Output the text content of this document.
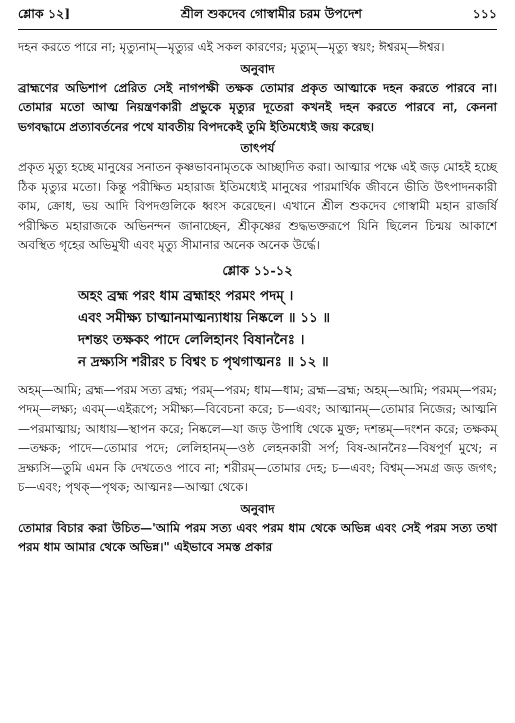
শ্লোক ১২]	শ্রীল শুকদেব গোস্বামীর চরম উপদেশ	১১১

দহন করতে পারে না; মৃত্যুনাম্—মৃত্যুর এই সকল কারণের; মৃত্যুম্—মৃত্যু স্বয়ং; ঈশ্বরম্—ঈশ্বর।

অনুবাদ

ব্রাহ্মণের অভিশাপ প্রেরিত সেই নাগপক্ষী তক্ষক তোমার প্রকৃত আত্মাকে দহন করতে পারবে না। তোমার মতো আত্ম নিয়ন্ত্রণকারী প্রভুকে মৃত্যুর দূতেরা কখনই দহন করতে পারবে না, কেননা ভগবদ্ধামে প্রত্যাবর্তনের পথে যাবতীয় বিপদকেই তুমি ইতিমধ্যেই জয় করেছ।

তাৎপর্য

প্রকৃত মৃত্যু হচ্ছে মানুষের সনাতন কৃষ্ণভাবনামৃতকে আচ্ছাদিত করা। আত্মার পক্ষে এই জড় মোহই হচ্ছে ঠিক মৃত্যুর মতো। কিন্তু পরীক্ষিত মহারাজ ইতিমধ্যেই মানুষের পারমার্থিক জীবনে ভীতি উৎপাদনকারী কাম, ক্রোধ, ভয় আদি বিপদগুলিকে ধ্বংস করেছেন। এখানে শ্রীল শুকদেব গোস্বামী মহান রাজর্ষি পরীক্ষিত মহারাজকে অভিনন্দন জানাচ্ছেন, শ্রীকৃষ্ণের শুদ্ধভক্তরূপে যিনি ছিলেন চিন্ময় আকাশে অবস্থিত গৃহের অভিমুখী এবং মৃত্যু সীমানার অনেক অনেক উর্দ্ধে।

শ্লোক ১১-১২
অহং ব্রহ্ম পরং ধাম ব্রহ্মাহং পরমং পদম্ ।
এবং সমীক্ষ্য চাত্মানমাত্মন্যাধায় নিষ্কলে ॥ ১১ ॥
দশন্তং তক্ষকং পাদে লেলিহানং বিষাননৈঃ ।
ন দ্রক্ষ্যসি শরীরং চ বিশ্বং চ পৃথগাত্মনঃ ॥ ১২ ॥

অহম্—আমি; ব্রহ্ম—পরম সত্য ব্রহ্ম; পরম্—পরম; ধাম—ধাম; ব্রহ্ম—ব্রহ্ম; অহম্—আমি; পরমম্—পরম; পদম্—লক্ষ্য; এবম্—এইরূপে; সমীক্ষ্য—বিবেচনা করে; চ—এবং; আত্মানম্—তোমার নিজের; আত্মনি—পরমাত্মায়; আধায়—স্থাপন করে; নিষ্কলে—যা জড় উপাধি থেকে মুক্ত; দশন্তম্—দংশন করে; তক্ষকম্—তক্ষক; পাদে—তোমার পদে; লেলিহানম্—ওষ্ঠ লেহনকারী সর্প; বিষ-আননৈঃ—বিষপূর্ণ মুখে; ন দ্রক্ষ্যসি—তুমি এমন কি দেখতেও পাবে না; শরীরম্—তোমার দেহ; চ—এবং; বিশ্বম্—সমগ্র জড় জগৎ; চ—এবং; পৃথক্—পৃথক; আত্মনঃ—আত্মা থেকে।

অনুবাদ

তোমার বিচার করা উচিত—'আমি পরম সত্য এবং পরম ধাম থেকে অভিন্ন এবং সেই পরম সত্য তথা পরম ধাম আমার থেকে অভিন্ন।" এইভাবে সমস্ত প্রকার
